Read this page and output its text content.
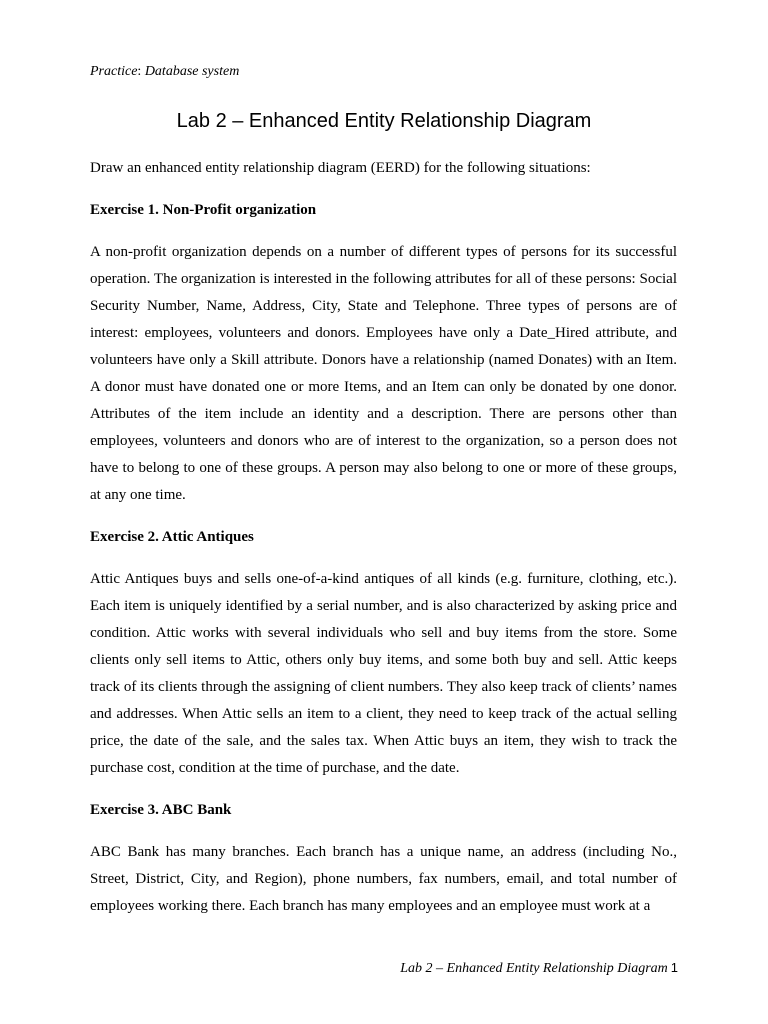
Practice: Database system
Lab 2 – Enhanced Entity Relationship Diagram

Draw an enhanced entity relationship diagram (EERD) for the following situations:

Exercise 1. Non-Profit organization

A non-profit organization depends on a number of different types of persons for its successful operation. The organization is interested in the following attributes for all of these persons: Social Security Number, Name, Address, City, State and Telephone. Three types of persons are of interest: employees, volunteers and donors. Employees have only a Date_Hired attribute, and volunteers have only a Skill attribute. Donors have a relationship (named Donates) with an Item. A donor must have donated one or more Items, and an Item can only be donated by one donor. Attributes of the item include an identity and a description. There are persons other than employees, volunteers and donors who are of interest to the organization, so a person does not have to belong to one of these groups. A person may also belong to one or more of these groups, at any one time.

Exercise 2. Attic Antiques

Attic Antiques buys and sells one-of-a-kind antiques of all kinds (e.g. furniture, clothing, etc.). Each item is uniquely identified by a serial number, and is also characterized by asking price and condition. Attic works with several individuals who sell and buy items from the store. Some clients only sell items to Attic, others only buy items, and some both buy and sell. Attic keeps track of its clients through the assigning of client numbers. They also keep track of clients’ names and addresses. When Attic sells an item to a client, they need to keep track of the actual selling price, the date of the sale, and the sales tax. When Attic buys an item, they wish to track the purchase cost, condition at the time of purchase, and the date.

Exercise 3. ABC Bank

ABC Bank has many branches. Each branch has a unique name, an address (including No., Street, District, City, and Region), phone numbers, fax numbers, email, and total number of employees working there. Each branch has many employees and an employee must work at a

Lab 2 – Enhanced Entity Relationship Diagram 1
